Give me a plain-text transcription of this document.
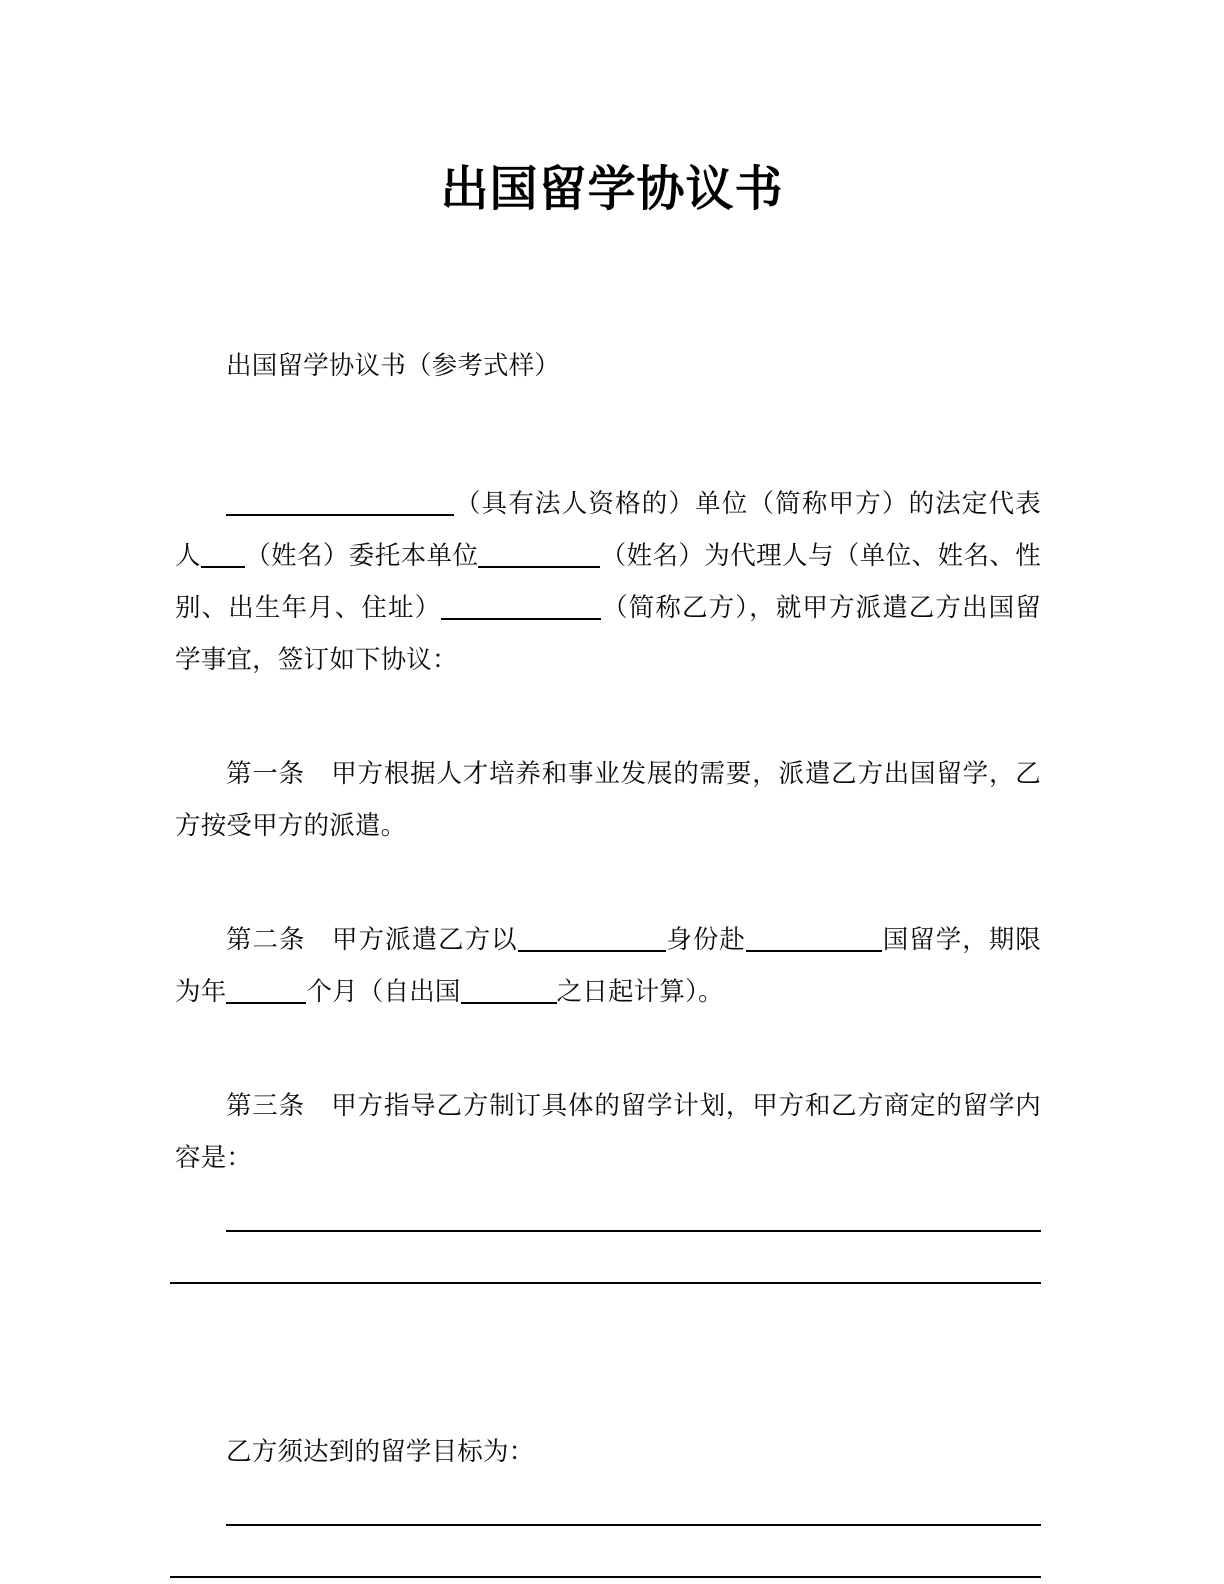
出国留学协议书

出国留学协议书（参考式样）

（具有法人资格的）单位（简称甲方）的法定代表人 （姓名）委托本单位	（姓名）为代理人与（单位、姓名、性别、出生年月、住址）	（简称乙方），就甲方派遣乙方出国留学事宜，签订如下协议：

第一条　 甲方根据人才培养和事业发展的需要，派遣乙方出国留学，乙方按受甲方的派遣。

第二条　 甲方派遣乙方以	身份赴	国留学，期限为年	个月（自出国	之日起计算）。

第三条　 甲方指导乙方制订具体的留学计划，甲方和乙方商定的留学内容是：

乙方须达到的留学目标为：
